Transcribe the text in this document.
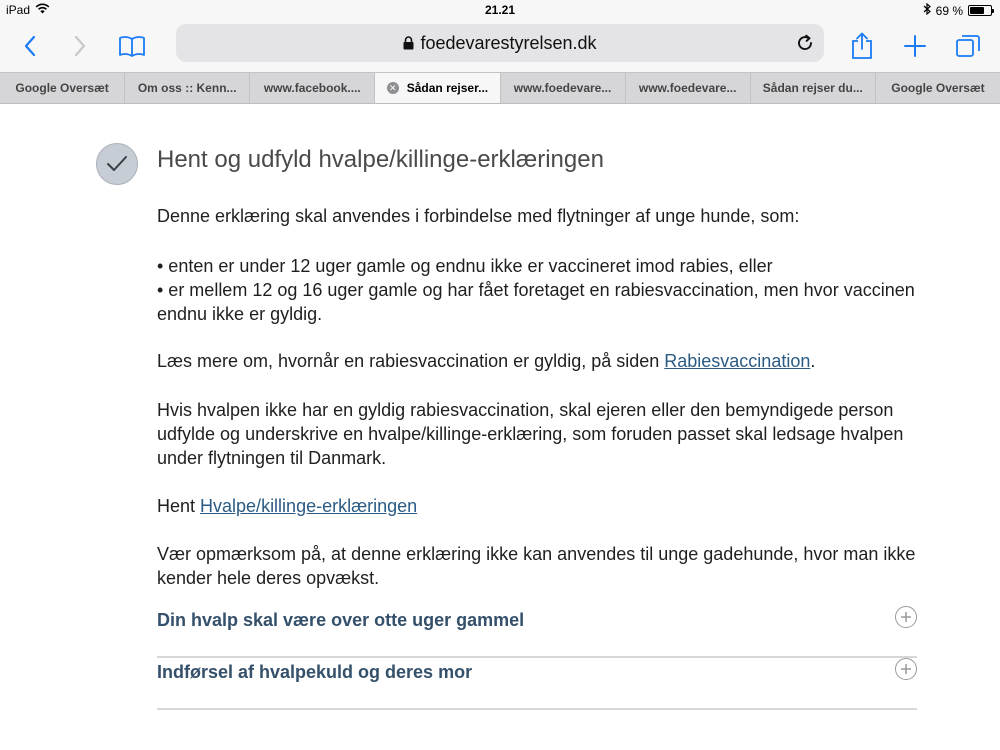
iPad	21.21	69 %
foedevarestyrelsen.dk
Google Oversæt Om oss :: Kenn... www.facebook....	✕ Sådan rejser... www.foedevare... www.foedevare... Sådan rejser du... Google Oversæt
Hent og udfyld hvalpe/killinge-erklæringen

Denne erklæring skal anvendes i forbindelse med flytninger af unge hunde, som:

• enten er under 12 uger gamle og endnu ikke er vaccineret imod rabies, eller
• er mellem 12 og 16 uger gamle og har fået foretaget en rabiesvaccination, men hvor vaccinen endnu ikke er gyldig.

Læs mere om, hvornår en rabiesvaccination er gyldig, på siden Rabiesvaccination.

Hvis hvalpen ikke har en gyldig rabiesvaccination, skal ejeren eller den bemyndigede person udfylde og underskrive en hvalpe/killinge-erklæring, som foruden passet skal ledsage hvalpen under flytningen til Danmark.

Hent Hvalpe/killinge-erklæringen

Vær opmærksom på, at denne erklæring ikke kan anvendes til unge gadehunde, hvor man ikke kender hele deres opvækst.

Din hvalp skal være over otte uger gammel
Indførsel af hvalpekuld og deres mor
